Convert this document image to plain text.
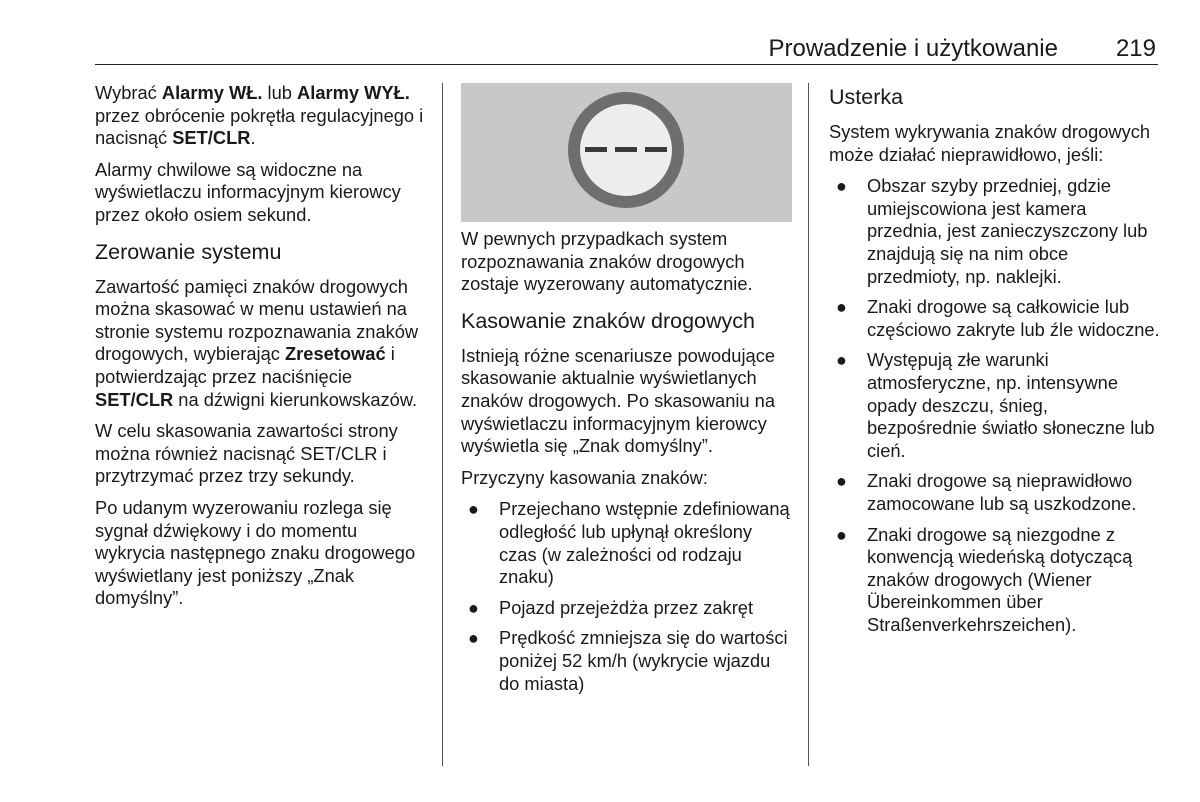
Prowadzenie i użytkowanie 219

Wybrać Alarmy WŁ. lub Alarmy WYŁ. przez obrócenie pokrętła regulacyjnego i nacisnąć SET/CLR.

Alarmy chwilowe są widoczne na wyświetlaczu informacyjnym kierowcy przez około osiem sekund.

Zerowanie systemu

Zawartość pamięci znaków drogowych można skasować w menu ustawień na stronie systemu rozpoznawania znaków drogowych, wybierając Zresetować i potwierdzając przez naciśnięcie SET/CLR na dźwigni kierunkowskazów.

W celu skasowania zawartości strony można również nacisnąć SET/CLR i przytrzymać przez trzy sekundy.

Po udanym wyzerowaniu rozlega się sygnał dźwiękowy i do momentu wykrycia następnego znaku drogowego wyświetlany jest poniższy „Znak domyślny”.

W pewnych przypadkach system rozpoznawania znaków drogowych zostaje wyzerowany automatycznie.

Kasowanie znaków drogowych

Istnieją różne scenariusze powodujące skasowanie aktualnie wyświetlanych znaków drogowych. Po skasowaniu na wyświetlaczu informacyjnym kierowcy wyświetla się „Znak domyślny”.

Przyczyny kasowania znaków:

● Przejechano wstępnie zdefiniowaną odległość lub upłynął określony czas (w zależności od rodzaju znaku)
● Pojazd przejeżdża przez zakręt
● Prędkość zmniejsza się do wartości poniżej 52 km/h (wykrycie wjazdu do miasta)
Usterka

System wykrywania znaków drogowych może działać nieprawidłowo, jeśli:

● Obszar szyby przedniej, gdzie umiejscowiona jest kamera przednia, jest zanieczyszczony lub znajdują się na nim obce przedmioty, np. naklejki.
● Znaki drogowe są całkowicie lub częściowo zakryte lub źle widoczne.
● Występują złe warunki atmosferyczne, np. intensywne opady deszczu, śnieg, bezpośrednie światło słoneczne lub cień.
● Znaki drogowe są nieprawidłowo zamocowane lub są uszkodzone.
● Znaki drogowe są niezgodne z konwencją wiedeńską dotyczącą znaków drogowych (Wiener Übereinkommen über Straßenverkehrszeichen).
